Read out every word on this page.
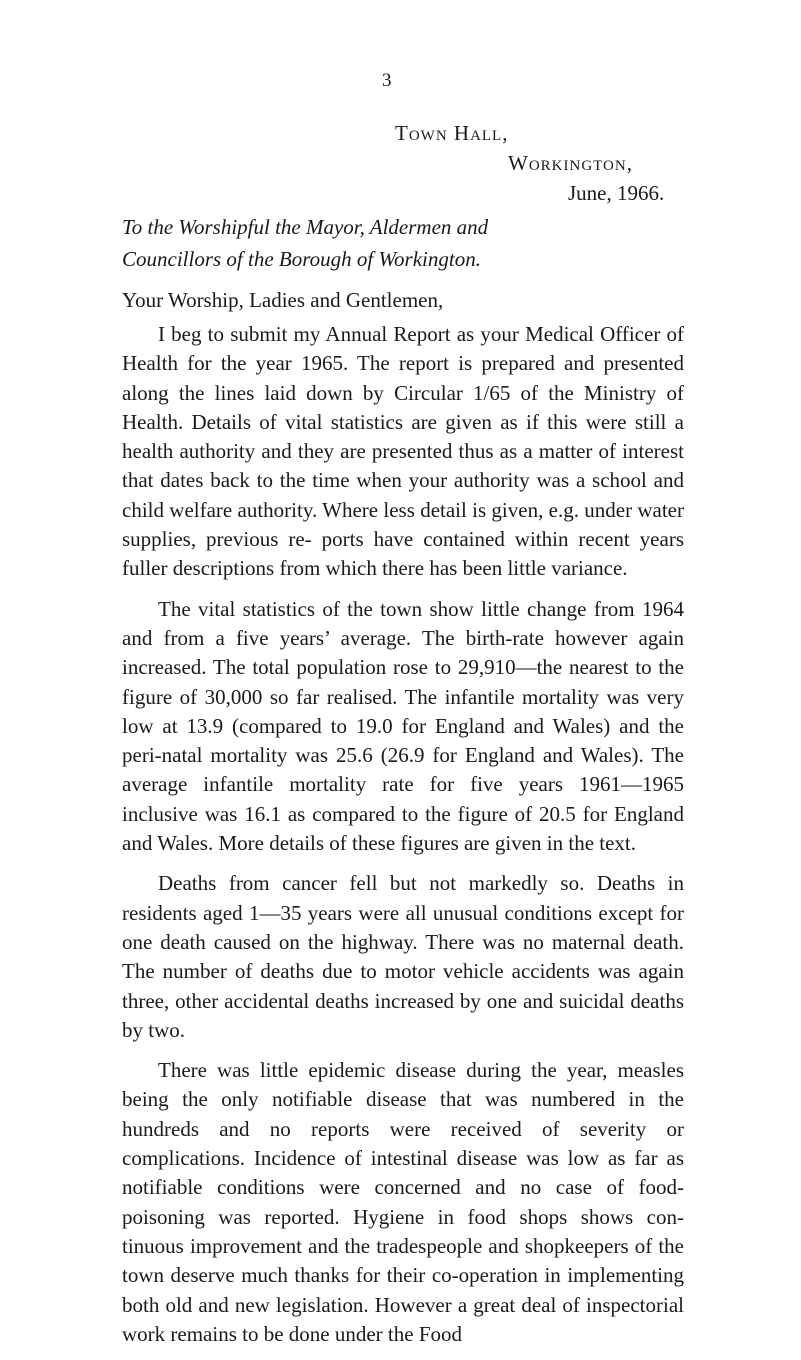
3
Town Hall,
Workington,
June, 1966.
To the Worshipful the Mayor, Aldermen and
Councillors of the Borough of Workington.
Your Worship, Ladies and Gentlemen,

I beg to submit my Annual Report as your Medical Officer of Health for the year 1965. The report is prepared and presented along the lines laid down by Circular 1/65 of the Ministry of Health. Details of vital statistics are given as if this were still a health authority and they are presented thus as a matter of interest that dates back to the time when your authority was a school and child welfare authority. Where less detail is given, e.g. under water supplies, previous re- ports have contained within recent years fuller descriptions from which there has been little variance.

The vital statistics of the town show little change from 1964 and from a five years’ average. The birth-rate however again increased. The total population rose to 29,910—the nearest to the figure of 30,000 so far realised. The infantile mortality was very low at 13.9 (compared to 19.0 for England and Wales) and the peri-natal mortality was 25.6 (26.9 for England and Wales). The average infantile mortality rate for five years 1961—1965 inclusive was 16.1 as compared to the figure of 20.5 for England and Wales. More details of these figures are given in the text.

Deaths from cancer fell but not markedly so. Deaths in residents aged 1—35 years were all unusual conditions except for one death caused on the highway. There was no maternal death. The number of deaths due to motor vehicle accidents was again three, other accidental deaths increased by one and suicidal deaths by two.

There was little epidemic disease during the year, measles being the only notifiable disease that was numbered in the hundreds and no reports were received of severity or complications. Incidence of intestinal disease was low as far as notifiable conditions were concerned and no case of food- poisoning was reported. Hygiene in food shops shows con- tinuous improvement and the tradespeople and shopkeepers of the town deserve much thanks for their co-operation in implementing both old and new legislation. However a great deal of inspectorial work remains to be done under the Food
